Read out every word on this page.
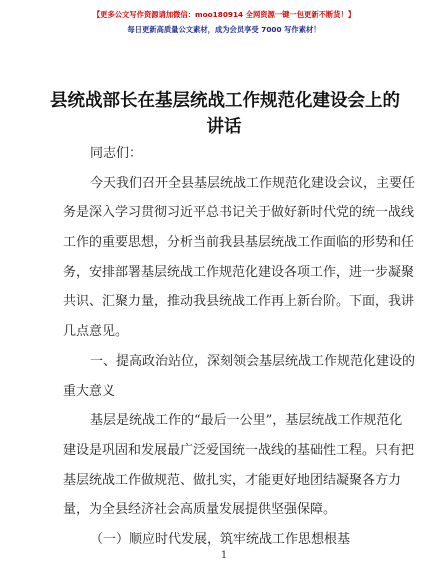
【更多公文写作资源请加微信：moo180914 全网资源一键一包更新不断货！】
每日更新高质量公文素材，成为会员享受 7000 写作素材！
县统战部长在基层统战工作规范化建设会上的
讲话
同志们：
今天我们召开全县基层统战工作规范化建设会议，主要任
务是深入学习贯彻习近平总书记关于做好新时代党的统一战线
工作的重要思想，分析当前我县基层统战工作面临的形势和任
务，安排部署基层统战工作规范化建设各项工作，进一步凝聚
共识、汇聚力量，推动我县统战工作再上新台阶。下面，我讲
几点意见。
一、提高政治站位，深刻领会基层统战工作规范化建设的
重大意义
基层是统战工作的“最后一公里”，基层统战工作规范化
建设是巩固和发展最广泛爱国统一战线的基础性工程。只有把
基层统战工作做规范、做扎实，才能更好地团结凝聚各方力
量，为全县经济社会高质量发展提供坚强保障。
（一）顺应时代发展，筑牢统战工作思想根基
1
